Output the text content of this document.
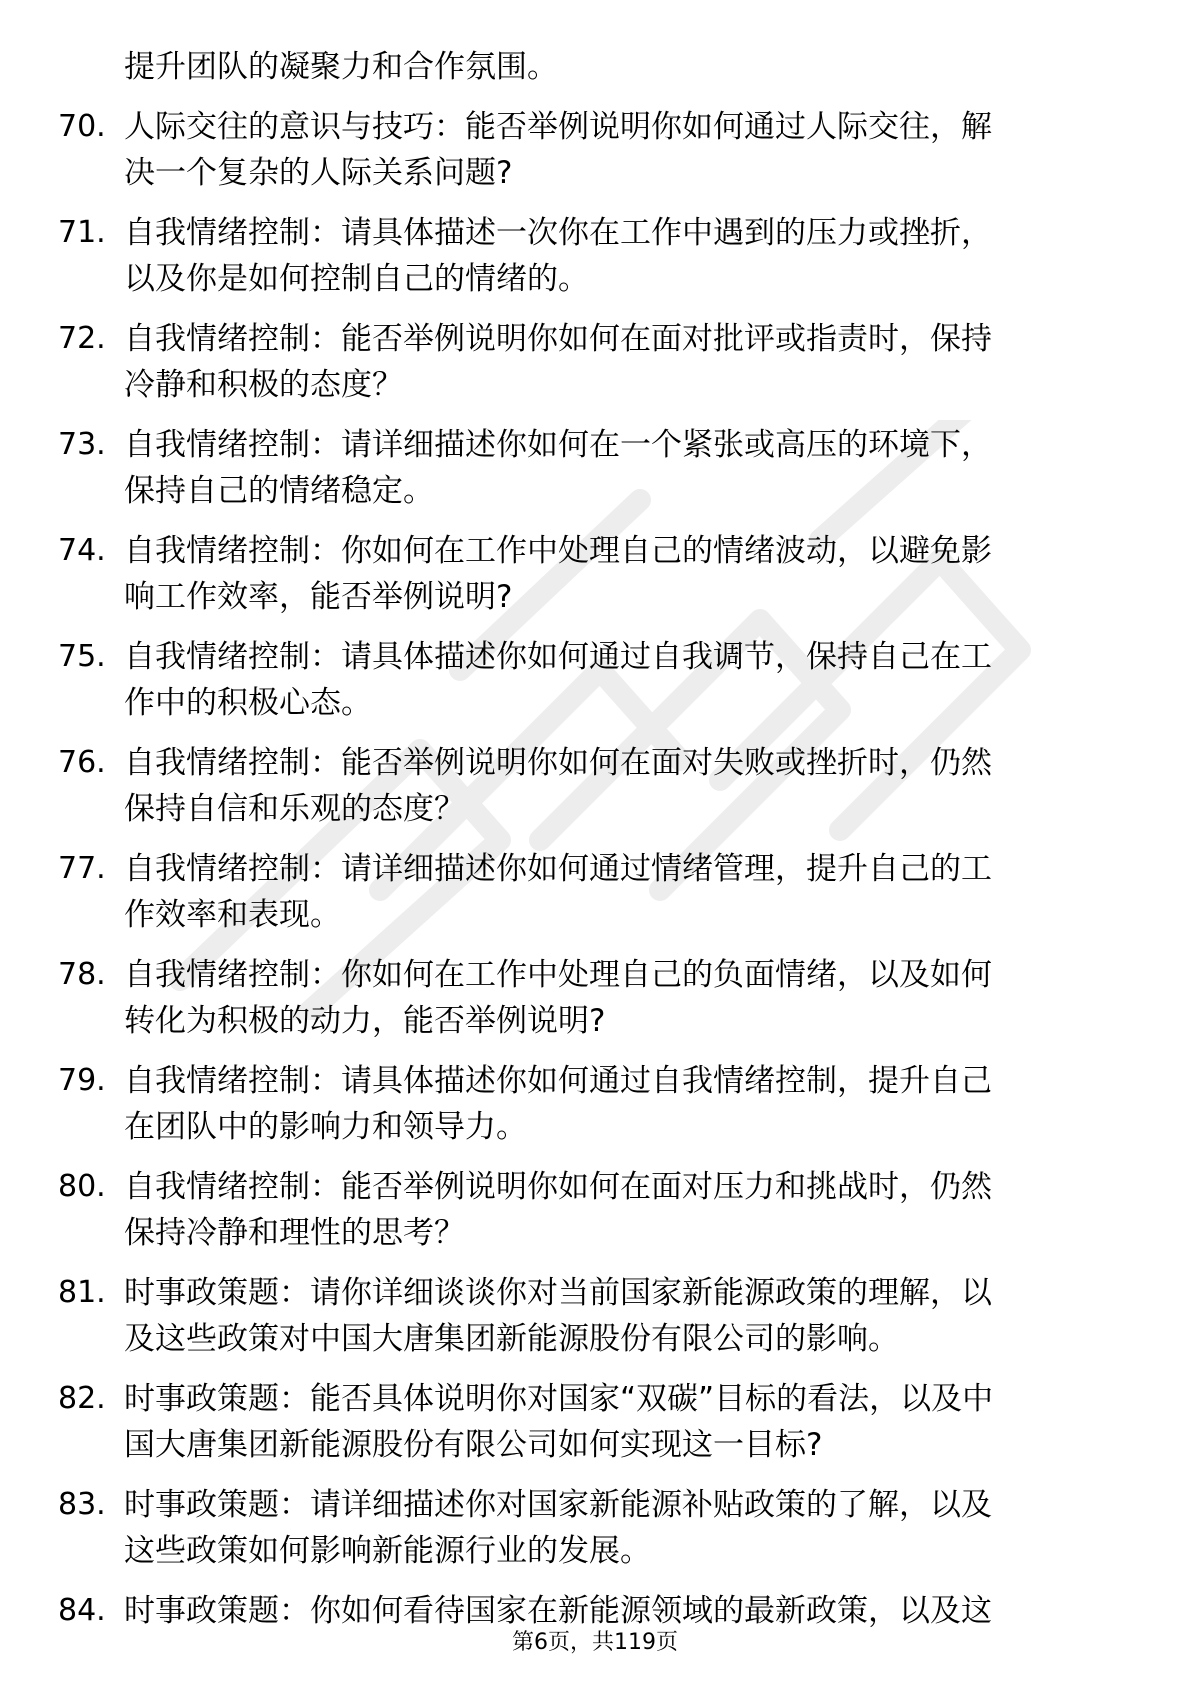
提升团队的凝聚力和合作氛围。
70. 人际交往的意识与技巧：能否举例说明你如何通过人际交往，解
决一个复杂的人际关系问题?
71. 自我情绪控制：请具体描述一次你在工作中遇到的压力或挫折，
以及你是如何控制自己的情绪的。
72. 自我情绪控制：能否举例说明你如何在面对批评或指责时，保持
冷静和积极的态度？
73. 自我情绪控制：请详细描述你如何在一个紧张或高压的环境下，
保持自己的情绪稳定。
74. 自我情绪控制：你如何在工作中处理自己的情绪波动，以避免影
响工作效率，能否举例说明?
75. 自我情绪控制：请具体描述你如何通过自我调节，保持自己在工
作中的积极心态。
76. 自我情绪控制：能否举例说明你如何在面对失败或挫折时，仍然
保持自信和乐观的态度？
77. 自我情绪控制：请详细描述你如何通过情绪管理，提升自己的工
作效率和表现。
78. 自我情绪控制：你如何在工作中处理自己的负面情绪，以及如何
转化为积极的动力，能否举例说明?
79. 自我情绪控制：请具体描述你如何通过自我情绪控制，提升自己
在团队中的影响力和领导力。
80. 自我情绪控制：能否举例说明你如何在面对压力和挑战时，仍然
保持冷静和理性的思考？
81. 时事政策题：请你详细谈谈你对当前国家新能源政策的理解，以
及这些政策对中国大唐集团新能源股份有限公司的影响。
82. 时事政策题：能否具体说明你对国家“双碳”目标的看法，以及中
国大唐集团新能源股份有限公司如何实现这一目标?
83. 时事政策题：请详细描述你对国家新能源补贴政策的了解，以及
这些政策如何影响新能源行业的发展。
84. 时事政策题：你如何看待国家在新能源领域的最新政策，以及这
第6页，共119页
